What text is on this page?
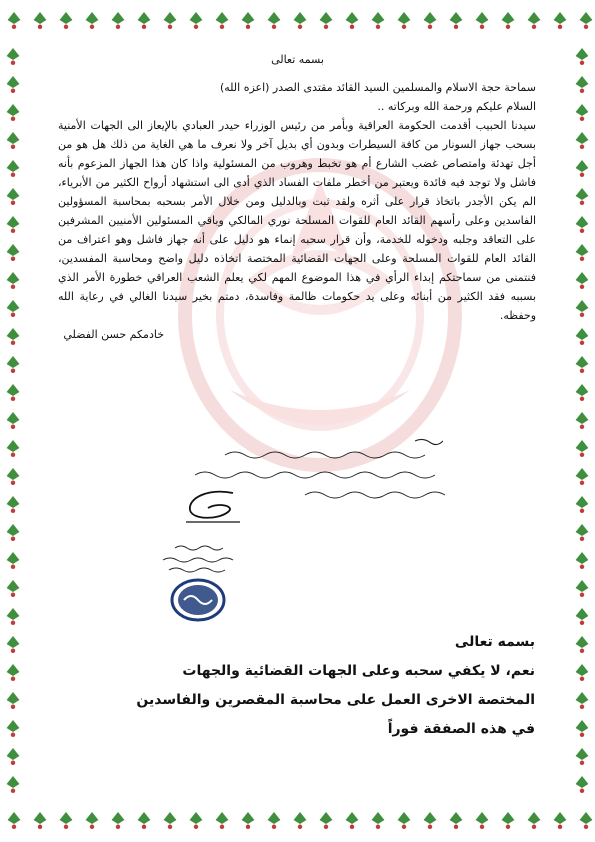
بسمه تعالى

سماحة حجة الاسلام والمسلمين السيد القائد مقتدى الصدر (اعزه الله)

السلام عليكم ورحمة الله وبركاته ..

سيدنا الحبيب أقدمت الحكومة العراقية وبأمر من رئيس الوزراء حيدر العبادي بالإيعاز الى الجهات الأمنية بسحب جهاز السونار من كافة السيطرات وبدون أي بديل آخر ولا نعرف ما هي الغاية من ذلك هل هو من أجل تهدئة وامتصاص غضب الشارع أم هو تخبط وهروب من المسئولية واذا كان هذا الجهاز المزعوم بأنه فاشل ولا توجد فيه فائدة ويعتبر من أخطر ملفات الفساد الذي أدى الى استشهاد أرواح الكثير من الأبرياء، الم يكن الأجدر باتخاذ قرار على أثره ولقد ثبت وبالدليل ومن خلال الأمر بسحبه بمحاسبة المسؤولين الفاسدين وعلى رأسهم القائد العام للقوات المسلحة نوري المالكي وباقي المسئولين الأمنيين المشرفين على التعاقد وجلبه ودخوله للخدمة، وأن قرار سحبه إنماء هو دليل على أنه جهاز فاشل وهو اعتراف من القائد العام للقوات المسلحة وعلى الجهات القضائية المختصة اتخاذه دليل واضح ومحاسبة المفسدين، فنتمنى من سماحتكم إبداء الرأي في هذا الموضوع المهم لكي يعلم الشعب العراقي خطورة الأمر الذي بسببه فقد الكثير من أبنائه وعلى يد حكومات ظالمة وفاسدة، دمتم بخير سيدنا الغالي في رعاية الله وحفظه.

خادمكم حسن الفضلي

بسمه تعالى

نعم، لا يكفي سحبه وعلى الجهات القضائية والجهات

المختصة الاخرى العمل على محاسبة المقصرين والفاسدين

في هذه الصفقة فوراً
